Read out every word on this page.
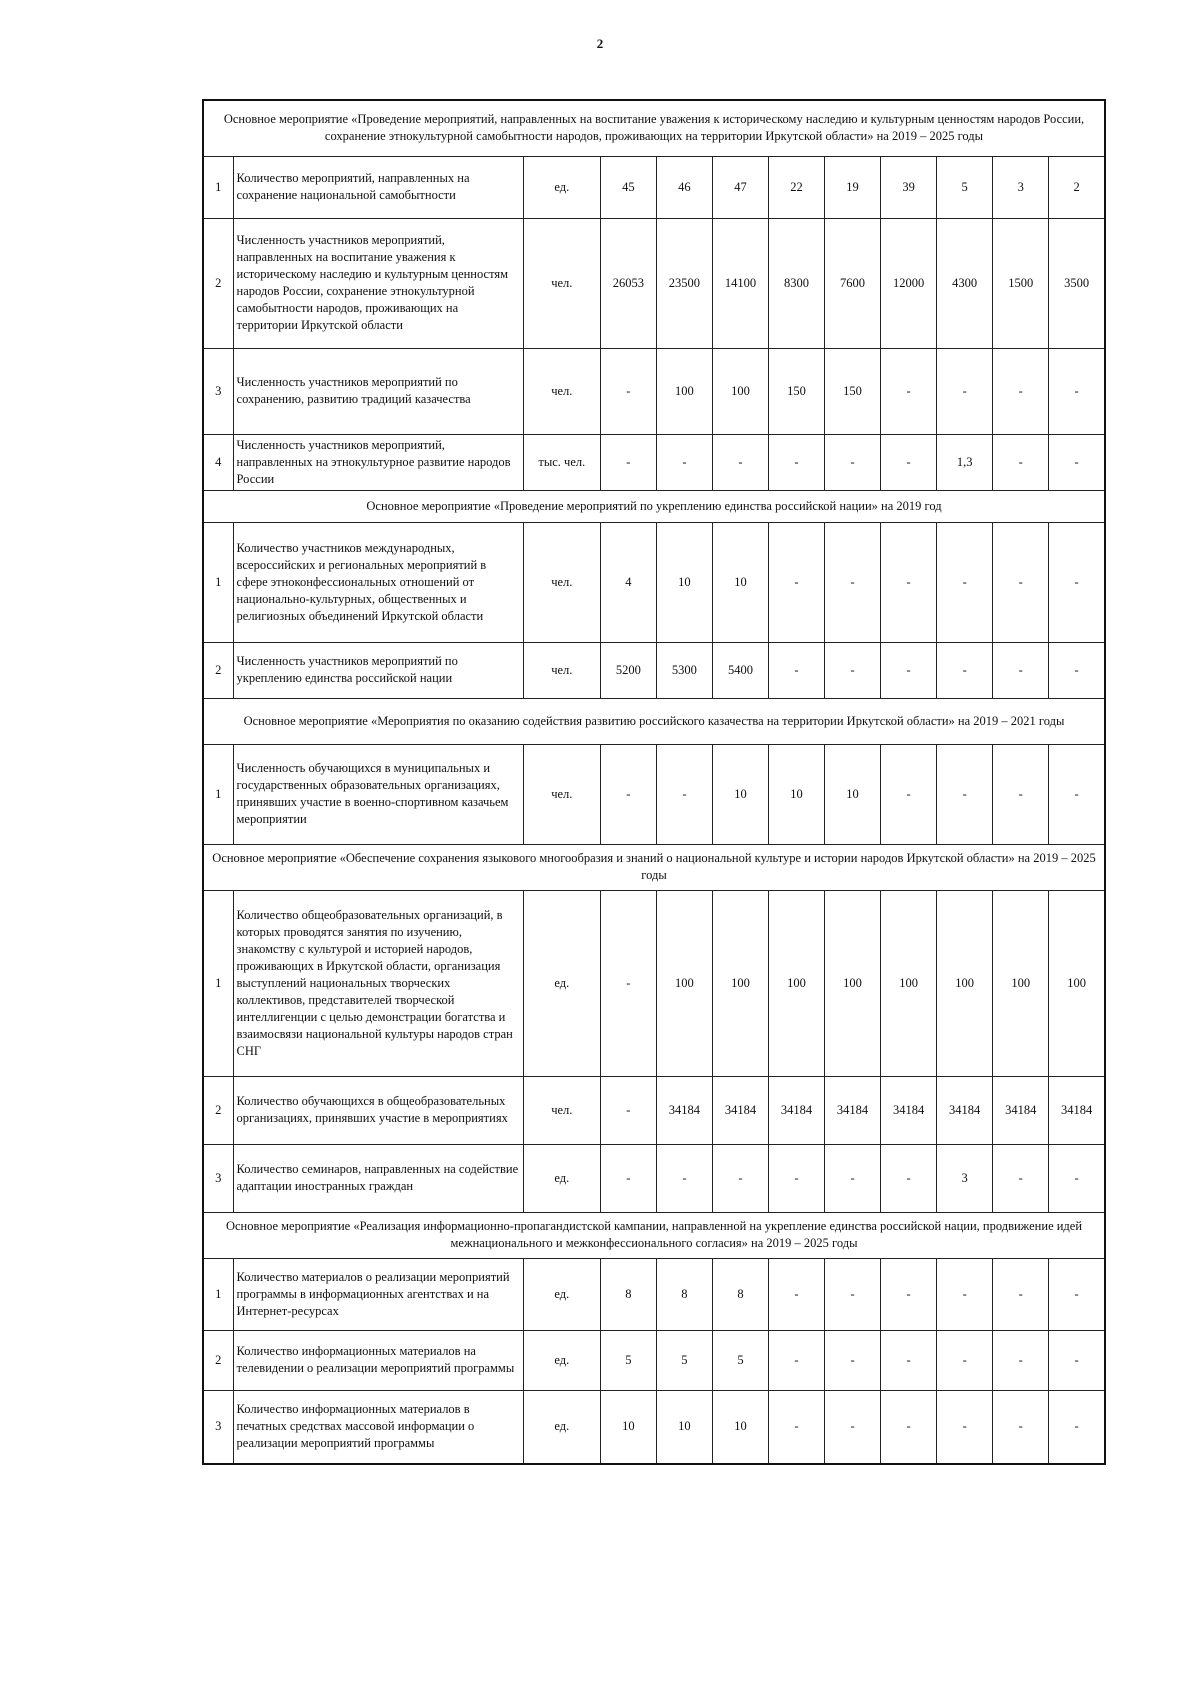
2
Основное мероприятие «Проведение мероприятий, направленных на воспитание уважения к историческому наследию и культурным ценностям народов России, сохранение этнокультурной самобытности народов, проживающих на территории Иркутской области» на 2019 – 2025 годы											
1	Количество мероприятий, направленных на сохранение национальной самобытности	ед.	45	46	47	22	19	39	5	3	2
2	Численность участников мероприятий, направленных на воспитание уважения к историческому наследию и культурным ценностям народов России, сохранение этнокультурной самобытности народов, проживающих на территории Иркутской области	чел.	26053	23500	14100	8300	7600	12000	4300	1500	3500
3	Численность участников мероприятий по сохранению, развитию традиций казачества	чел.	-	100	100	150	150	-	-	-	-
4	Численность участников мероприятий, направленных на этнокультурное развитие народов России	тыс. чел.	-	-	-	-	-	-	1,3	-	-
Основное мероприятие «Проведение мероприятий по укреплению единства российской нации» на 2019 год											
1	Количество участников международных, всероссийских и региональных мероприятий в сфере этноконфессиональных отношений от национально-культурных, общественных и религиозных объединений Иркутской области	чел.	4	10	10	-	-	-	-	-	-
2	Численность участников мероприятий по укреплению единства российской нации	чел.	5200	5300	5400	-	-	-	-	-	-
Основное мероприятие «Мероприятия по оказанию содействия развитию российского казачества на территории Иркутской области» на 2019 – 2021 годы											
1	Численность обучающихся в муниципальных и государственных образовательных организациях, принявших участие в военно-спортивном казачьем мероприятии	чел.	-	-	10	10	10	-	-	-	-
Основное мероприятие «Обеспечение сохранения языкового многообразия и знаний о национальной культуре и истории народов Иркутской области» на 2019 – 2025 годы											
1	Количество общеобразовательных организаций, в которых проводятся занятия по изучению, знакомству с культурой и историей народов, проживающих в Иркутской области, организация выступлений национальных творческих коллективов, представителей творческой интеллигенции с целью демонстрации богатства и взаимосвязи национальной культуры народов стран СНГ	ед.	-	100	100	100	100	100	100	100	100
2	Количество обучающихся в общеобразовательных организациях, принявших участие в мероприятиях	чел.	-	34184	34184	34184	34184	34184	34184	34184	34184
3	Количество семинаров, направленных на содействие адаптации иностранных граждан	ед.	-	-	-	-	-	-	3	-	-
Основное мероприятие «Реализация информационно-пропагандистской кампании, направленной на укрепление единства российской нации, продвижение идей межнационального и межконфессионального согласия» на 2019 – 2025 годы											
1	Количество материалов о реализации мероприятий программы в информационных агентствах и на Интернет-ресурсах	ед.	8	8	8	-	-	-	-	-	-
2	Количество информационных материалов на телевидении о реализации мероприятий программы	ед.	5	5	5	-	-	-	-	-	-
3	Количество информационных материалов в печатных средствах массовой информации о реализации мероприятий программы	ед.	10	10	10	-	-	-	-	-	-
